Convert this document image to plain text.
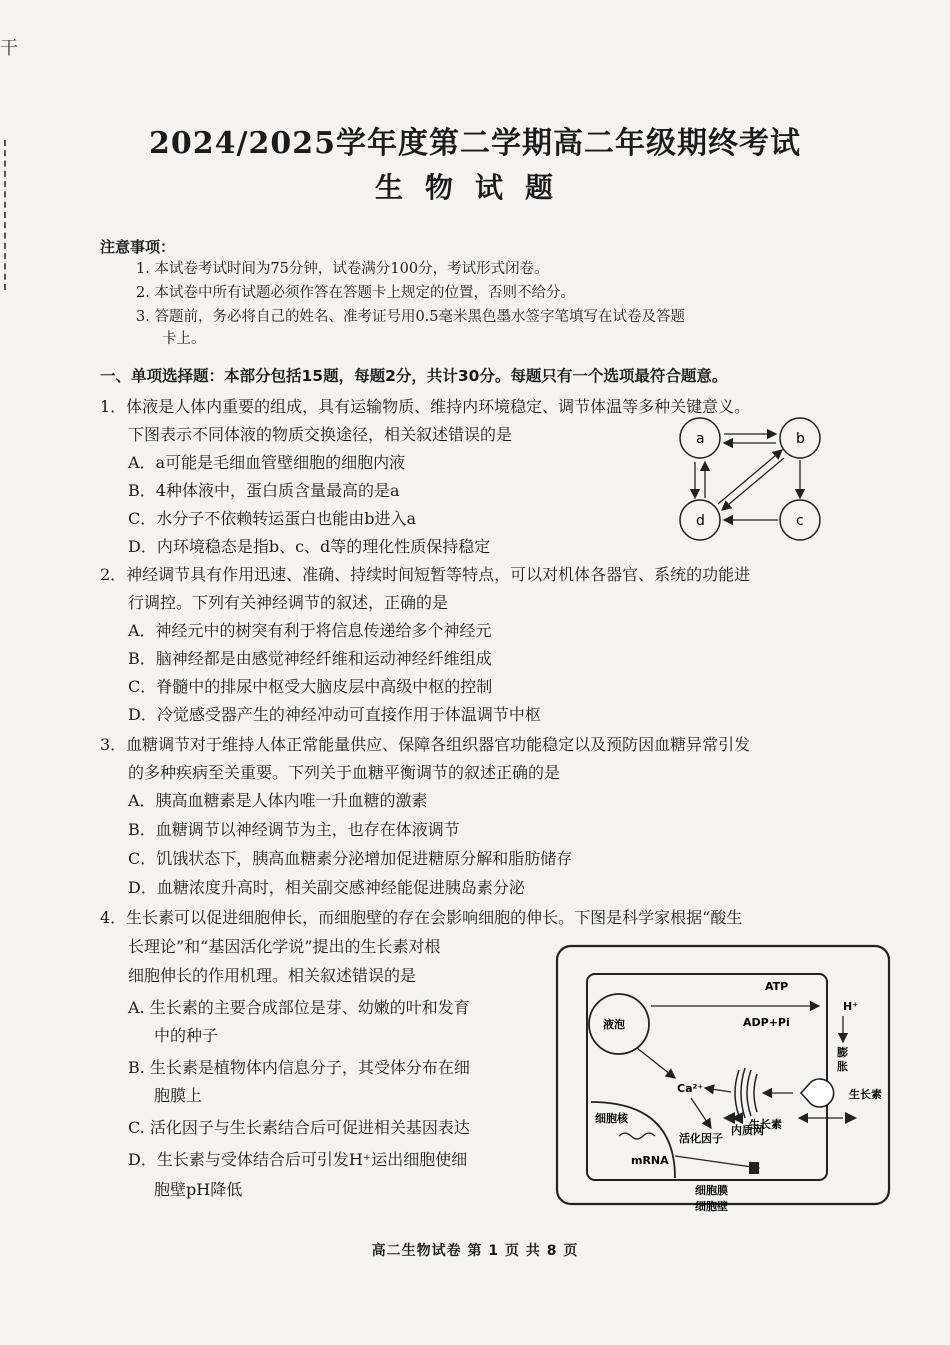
干
2024/2025学年度第二学期高二年级期终考试
生物试题
注意事项：
1. 本试卷考试时间为75分钟，试卷满分100分，考试形式闭卷。
2. 本试卷中所有试题必须作答在答题卡上规定的位置，否则不给分。
3. 答题前，务必将自己的姓名、准考证号用0.5毫米黑色墨水签字笔填写在试卷及答题
卡上。
一、单项选择题：本部分包括15题，每题2分，共计30分。每题只有一个选项最符合题意。
1．体液是人体内重要的组成，具有运输物质、维持内环境稳定、调节体温等多种关键意义。
下图表示不同体液的物质交换途径，相关叙述错误的是
A．a可能是毛细血管壁细胞的细胞内液
B．4种体液中，蛋白质含量最高的是a
C．水分子不依赖转运蛋白也能由b进入a
D．内环境稳态是指b、c、d等的理化性质保持稳定
a	b
c
d
2．神经调节具有作用迅速、准确、持续时间短暂等特点，可以对机体各器官、系统的功能进
行调控。下列有关神经调节的叙述，正确的是
A．神经元中的树突有利于将信息传递给多个神经元
B．脑神经都是由感觉神经纤维和运动神经纤维组成
C．脊髓中的排尿中枢受大脑皮层中高级中枢的控制
D．冷觉感受器产生的神经冲动可直接作用于体温调节中枢
3．血糖调节对于维持人体正常能量供应、保障各组织器官功能稳定以及预防因血糖异常引发
的多种疾病至关重要。下列关于血糖平衡调节的叙述正确的是
A．胰高血糖素是人体内唯一升血糖的激素
B．血糖调节以神经调节为主，也存在体液调节
C．饥饿状态下，胰高血糖素分泌增加促进糖原分解和脂肪储存
D．血糖浓度升高时，相关副交感神经能促进胰岛素分泌
4．生长素可以促进细胞伸长，而细胞壁的存在会影响细胞的伸长。下图是科学家根据“酸生
长理论”和“基因活化学说”提出的生长素对根
细胞伸长的作用机理。相关叙述错误的是
A. 生长素的主要合成部位是芽、幼嫩的叶和发育
中的种子
B. 生长素是植物体内信息分子，其受体分布在细
胞膜上
C. 活化因子与生长素结合后可促进相关基因表达
D．生长素与受体结合后可引发H⁺运出细胞使细
胞壁pH降低
液泡
ATP
ADP+Pi
H⁺
膨
胀
生长素
内质网
Ca²⁺
生长素
活化因子
细胞核
mRNA
细胞膜
细胞壁
高二生物试卷 第 1 页 共 8 页
